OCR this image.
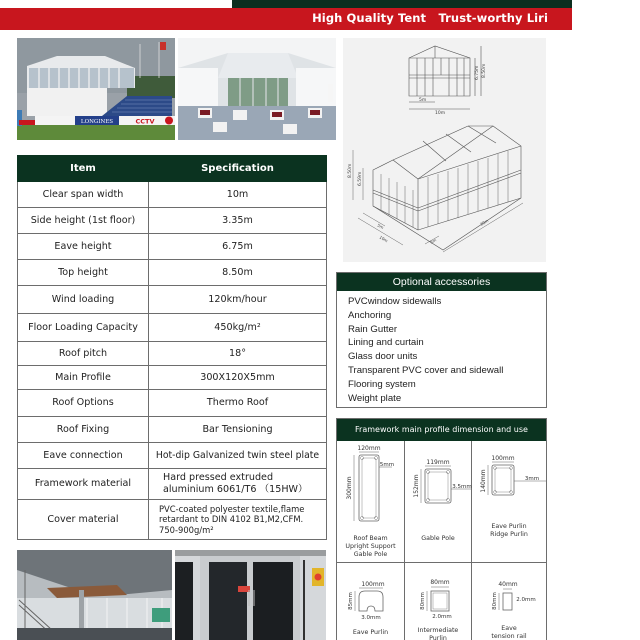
High Quality Tent   Trust-worthy Liri
LONGINES	CCTV
5m
10m
6.75m 8.50m
8.50m
6.59m
5m
10m	5m
30m
Item	Specification
Clear span width	10m
Side height (1st floor)	3.35m
Eave height	6.75m
Top height	8.50m
Wind loading	120km/hour
Floor Loading Capacity	450kg/m²
Roof pitch	18°
Main Profile	300X120X5mm
Roof Options	Thermo Roof
Roof Fixing	Bar Tensioning
Eave connection	Hot-dip Galvanized twin steel plate
Framework material	Hard pressed extruded
aluminium 6061/T6 （15HW）

Cover material	PVC-coated polyester textile,flame
retardant to DIN 4102 B1,M2,CFM.
750-900g/m²
Optional accessories
PVCwindow sidewalls
Anchoring
Rain Gutter
Lining and curtain
Glass door units
Transparent PVC cover and sidewall
Flooring system
Weight plate
Framework main profile dimension and use
120mm
300mm
5mm
Roof Beam
Upright Support
Gable Pole
119mm
152mm	3.5mm
Gable Pole
100mm
140mm	3mm
Eave Purlin
Ridge Purlin
100mm
85mm
3.0mm
Eave Purlin
80mm
80mm
2.0mm
Intermediate
Purlin
40mm
80mm	2.0mm
Eave
tension rail
